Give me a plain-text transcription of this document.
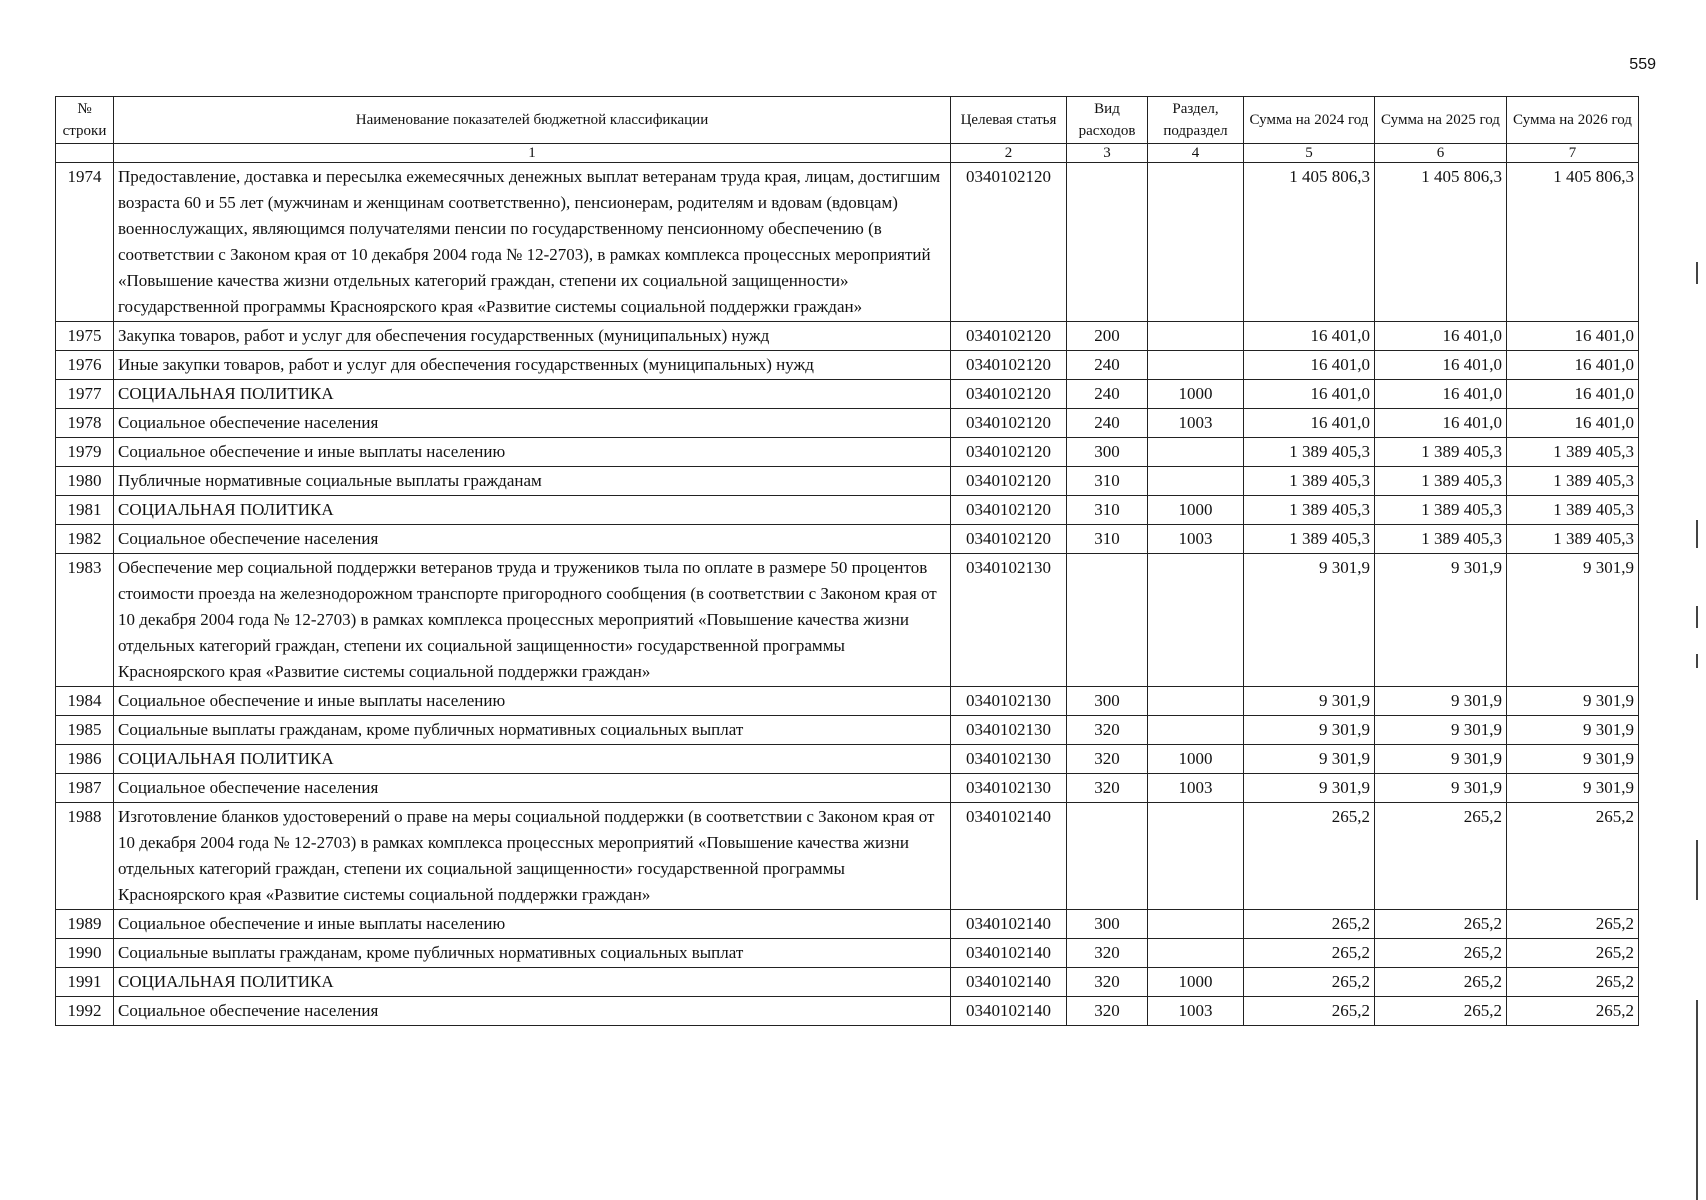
559
№ строки	Наименование показателей бюджетной классификации	Целевая статья	Вид расходов	Раздел, подраздел	Сумма на 2024 год	Сумма на 2025 год	Сумма на 2026 год
	1	2	3	4	5	6	7
1974	Предоставление, доставка и пересылка ежемесячных денежных выплат ветеранам труда края, лицам, достигшим возраста 60 и 55 лет (мужчинам и женщинам соответственно), пенсионерам, родителям и вдовам (вдовцам) военнослужащих, являющимся получателями пенсии по государственному пенсионному обеспечению (в соответствии с Законом края от 10 декабря 2004 года № 12-2703), в рамках комплекса процессных мероприятий «Повышение качества жизни отдельных категорий граждан, степени их социальной защищенности» государственной программы Красноярского края «Развитие системы социальной поддержки граждан»	0340102120			1 405 806,3	1 405 806,3	1 405 806,3
1975	Закупка товаров, работ и услуг для обеспечения государственных (муниципальных) нужд	0340102120	200		16 401,0	16 401,0	16 401,0
1976	Иные закупки товаров, работ и услуг для обеспечения государственных (муниципальных) нужд	0340102120	240		16 401,0	16 401,0	16 401,0
1977	СОЦИАЛЬНАЯ ПОЛИТИКА	0340102120	240	1000	16 401,0	16 401,0	16 401,0
1978	Социальное обеспечение населения	0340102120	240	1003	16 401,0	16 401,0	16 401,0
1979	Социальное обеспечение и иные выплаты населению	0340102120	300		1 389 405,3	1 389 405,3	1 389 405,3
1980	Публичные нормативные социальные выплаты гражданам	0340102120	310		1 389 405,3	1 389 405,3	1 389 405,3
1981	СОЦИАЛЬНАЯ ПОЛИТИКА	0340102120	310	1000	1 389 405,3	1 389 405,3	1 389 405,3
1982	Социальное обеспечение населения	0340102120	310	1003	1 389 405,3	1 389 405,3	1 389 405,3
1983	Обеспечение мер социальной поддержки ветеранов труда и тружеников тыла по оплате в размере 50 процентов стоимости проезда на железнодорожном транспорте пригородного сообщения (в соответствии с Законом края от 10 декабря 2004 года № 12-2703) в рамках комплекса процессных мероприятий «Повышение качества жизни отдельных категорий граждан, степени их социальной защищенности» государственной программы Красноярского края «Развитие системы социальной поддержки граждан»	0340102130			9 301,9	9 301,9	9 301,9
1984	Социальное обеспечение и иные выплаты населению	0340102130	300		9 301,9	9 301,9	9 301,9
1985	Социальные выплаты гражданам, кроме публичных нормативных социальных выплат	0340102130	320		9 301,9	9 301,9	9 301,9
1986	СОЦИАЛЬНАЯ ПОЛИТИКА	0340102130	320	1000	9 301,9	9 301,9	9 301,9
1987	Социальное обеспечение населения	0340102130	320	1003	9 301,9	9 301,9	9 301,9
1988	Изготовление бланков удостоверений о праве на меры социальной поддержки (в соответствии с Законом края от 10 декабря 2004 года № 12-2703) в рамках комплекса процессных мероприятий «Повышение качества жизни отдельных категорий граждан, степени их социальной защищенности» государственной программы Красноярского края «Развитие системы социальной поддержки граждан»	0340102140			265,2	265,2	265,2
1989	Социальное обеспечение и иные выплаты населению	0340102140	300		265,2	265,2	265,2
1990	Социальные выплаты гражданам, кроме публичных нормативных социальных выплат	0340102140	320		265,2	265,2	265,2
1991	СОЦИАЛЬНАЯ ПОЛИТИКА	0340102140	320	1000	265,2	265,2	265,2
1992	Социальное обеспечение населения	0340102140	320	1003	265,2	265,2	265,2
